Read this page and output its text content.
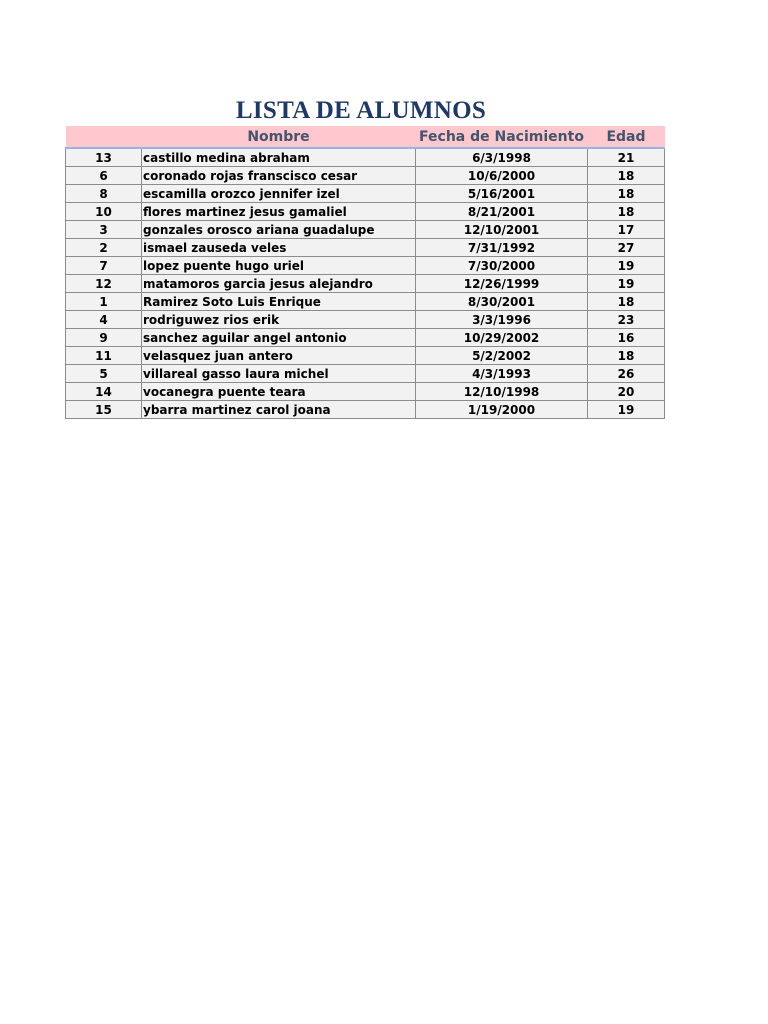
LISTA DE ALUMNOS
	Nombre	Fecha de Nacimiento	Edad
13	castillo medina abraham	6/3/1998	21
6	coronado rojas franscisco cesar	10/6/2000	18
8	escamilla orozco jennifer izel	5/16/2001	18
10	flores martinez jesus gamaliel	8/21/2001	18
3	gonzales orosco ariana guadalupe	12/10/2001	17
2	ismael zauseda veles	7/31/1992	27
7	lopez puente hugo uriel	7/30/2000	19
12	matamoros garcia jesus alejandro	12/26/1999	19
1	Ramirez Soto Luis Enrique	8/30/2001	18
4	rodriguwez rios erik	3/3/1996	23
9	sanchez aguilar angel antonio	10/29/2002	16
11	velasquez juan antero	5/2/2002	18
5	villareal gasso laura michel	4/3/1993	26
14	vocanegra puente teara	12/10/1998	20
15	ybarra martinez carol joana	1/19/2000	19
